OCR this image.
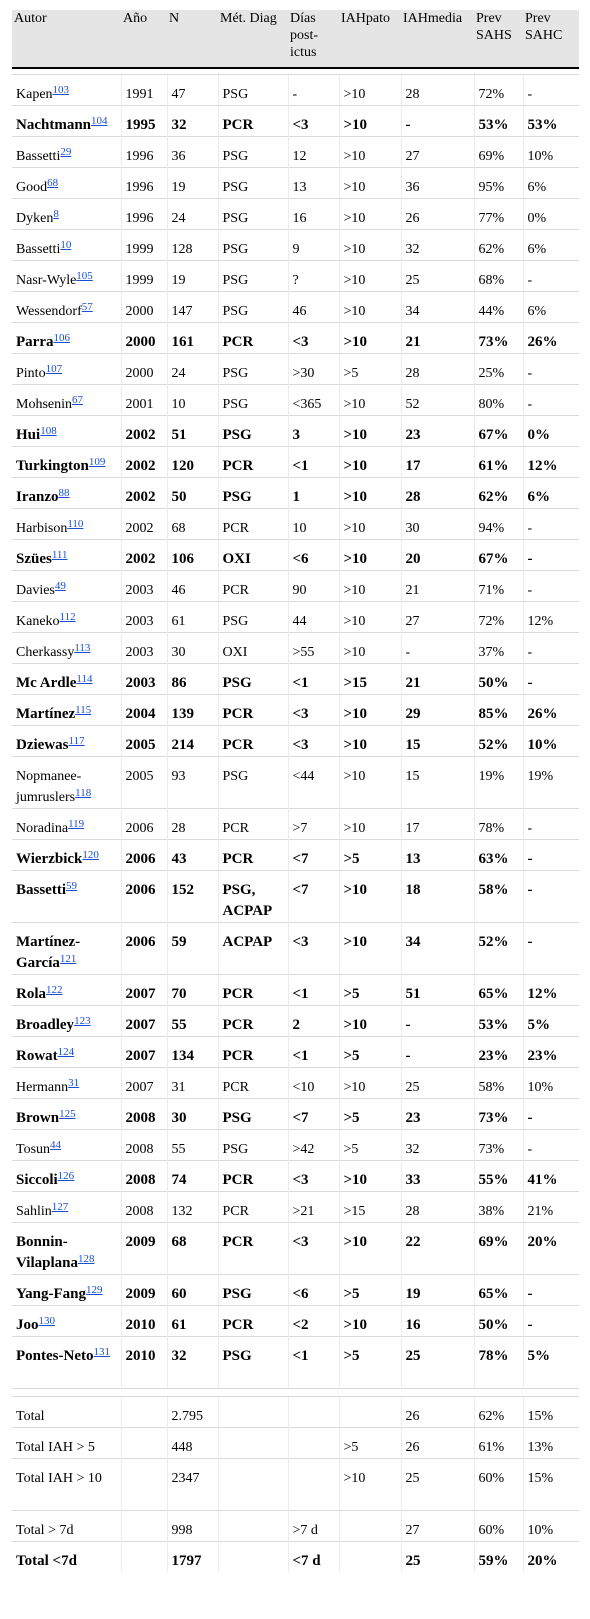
Autor	Año	N	Mét. Diag	Días post-ictus	IAHpato	IAHmedia	Prev SAHS	Prev SAHC

Kapen$^{103}$	1991	47	PSG	-	>10	28	72%	-
Nachtmann$^{104}$	1995	32	PCR	<3	>10	-	53%	53%
Bassetti$^{29}$	1996	36	PSG	12	>10	27	69%	10%
Good$^{68}$	1996	19	PSG	13	>10	36	95%	6%
Dyken$^8$	1996	24	PSG	16	>10	26	77%	0%
Bassetti$^{10}$	1999	128	PSG	9	>10	32	62%	6%
Nasr-Wyle$^{105}$	1999	19	PSG	?	>10	25	68%	-
Wessendorf$^{57}$	2000	147	PSG	46	>10	34	44%	6%
Parra$^{106}$	2000	161	PCR	<3	>10	21	73%	26%
Pinto$^{107}$	2000	24	PSG	>30	>5	28	25%	-
Mohsenin$^{67}$	2001	10	PSG	<365	>10	52	80%	-
Hui$^{108}$	2002	51	PSG	3	>10	23	67%	0%
Turkington$^{109}$	2002	120	PCR	<1	>10	17	61%	12%
Iranzo$^{88}$	2002	50	PSG	1	>10	28	62%	6%
Harbison$^{110}$	2002	68	PCR	10	>10	30	94%	-
Szües$^{111}$	2002	106	OXI	<6	>10	20	67%	-
Davies$^{49}$	2003	46	PCR	90	>10	21	71%	-
Kaneko$^{112}$	2003	61	PSG	44	>10	27	72%	12%
Cherkassy$^{113}$	2003	30	OXI	>55	>10	-	37%	-
Mc Ardle$^{114}$	2003	86	PSG	<1	>15	21	50%	-
Martínez$^{115}$	2004	139	PCR	<3	>10	29	85%	26%
Dziewas$^{117}$	2005	214	PCR	<3	>10	15	52%	10%
Nopmanee-jumruslers$^{118}$	2005	93	PSG	<44	>10	15	19%	19%
Noradina$^{119}$	2006	28	PCR	>7	>10	17	78%	-
Wierzbick$^{120}$	2006	43	PCR	<7	>5	13	63%	-
Bassetti$^{59}$	2006	152	PSG, ACPAP	<7	>10	18	58%	-
Martínez-García$^{121}$	2006	59	ACPAP	<3	>10	34	52%	-
Rola$^{122}$	2007	70	PCR	<1	>5	51	65%	12%
Broadley$^{123}$	2007	55	PCR	2	>10	-	53%	5%
Rowat$^{124}$	2007	134	PCR	<1	>5	-	23%	23%
Hermann$^{31}$	2007	31	PCR	<10	>10	25	58%	10%
Brown$^{125}$	2008	30	PSG	<7	>5	23	73%	-
Tosun$^{44}$	2008	55	PSG	>42	>5	32	73%	-
Siccoli$^{126}$	2008	74	PCR	<3	>10	33	55%	41%
Sahlin$^{127}$	2008	132	PCR	>21	>15	28	38%	21%
Bonnin-Vilaplana$^{128}$	2009	68	PCR	<3	>10	22	69%	20%
Yang-Fang$^{129}$	2009	60	PSG	<6	>5	19	65%	-
Joo$^{130}$	2010	61	PCR	<2	>10	16	50%	-
Pontes-Neto$^{131}$	2010	32	PSG	<1	>5	25	78%	5%

Total		2.795				26	62%	15%
Total IAH > 5		448			>5	26	61%	13%
Total IAH > 10		2347			>10	25	60%	15%
Total > 7d		998		>7 d		27	60%	10%
Total <7d		1797		<7 d		25	59%	20%
